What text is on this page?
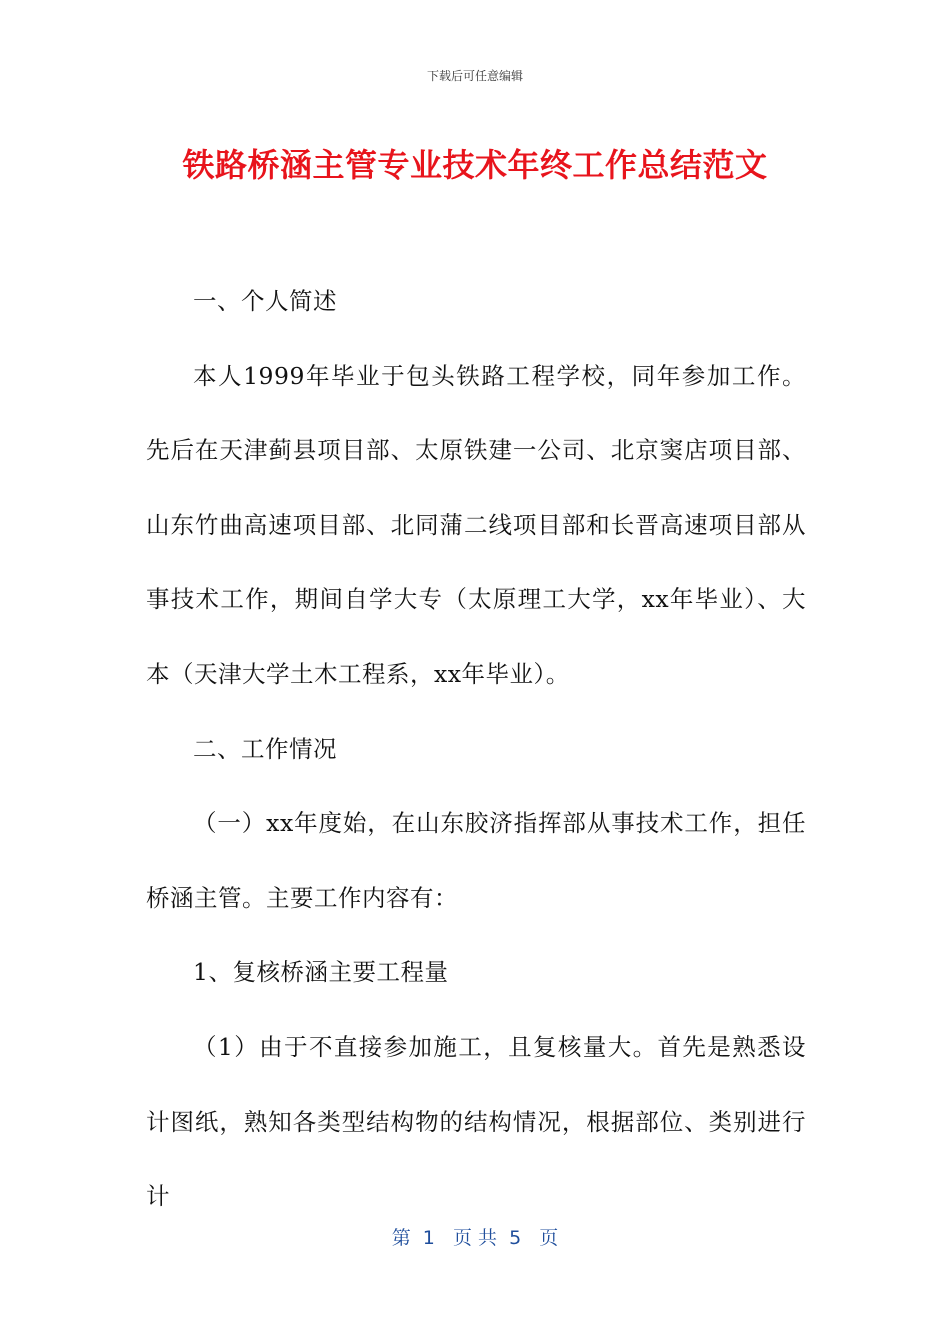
下载后可任意编辑
铁路桥涵主管专业技术年终工作总结范文

一、个人简述

本人1999年毕业于包头铁路工程学校，同年参加工作。先后在天津蓟县项目部、太原铁建一公司、北京窦店项目部、山东竹曲高速项目部、北同蒲二线项目部和长晋高速项目部从事技术工作，期间自学大专（太原理工大学，xx年毕业）、大本（天津大学土木工程系，xx年毕业）。

二、工作情况

（一）xx年度始，在山东胶济指挥部从事技术工作，担任桥涵主管。主要工作内容有：

1、复核桥涵主要工程量

（1）由于不直接参加施工，且复核量大。首先是熟悉设计图纸，熟知各类型结构物的结构情况，根据部位、类别进行计

第  1   页 共  5   页
